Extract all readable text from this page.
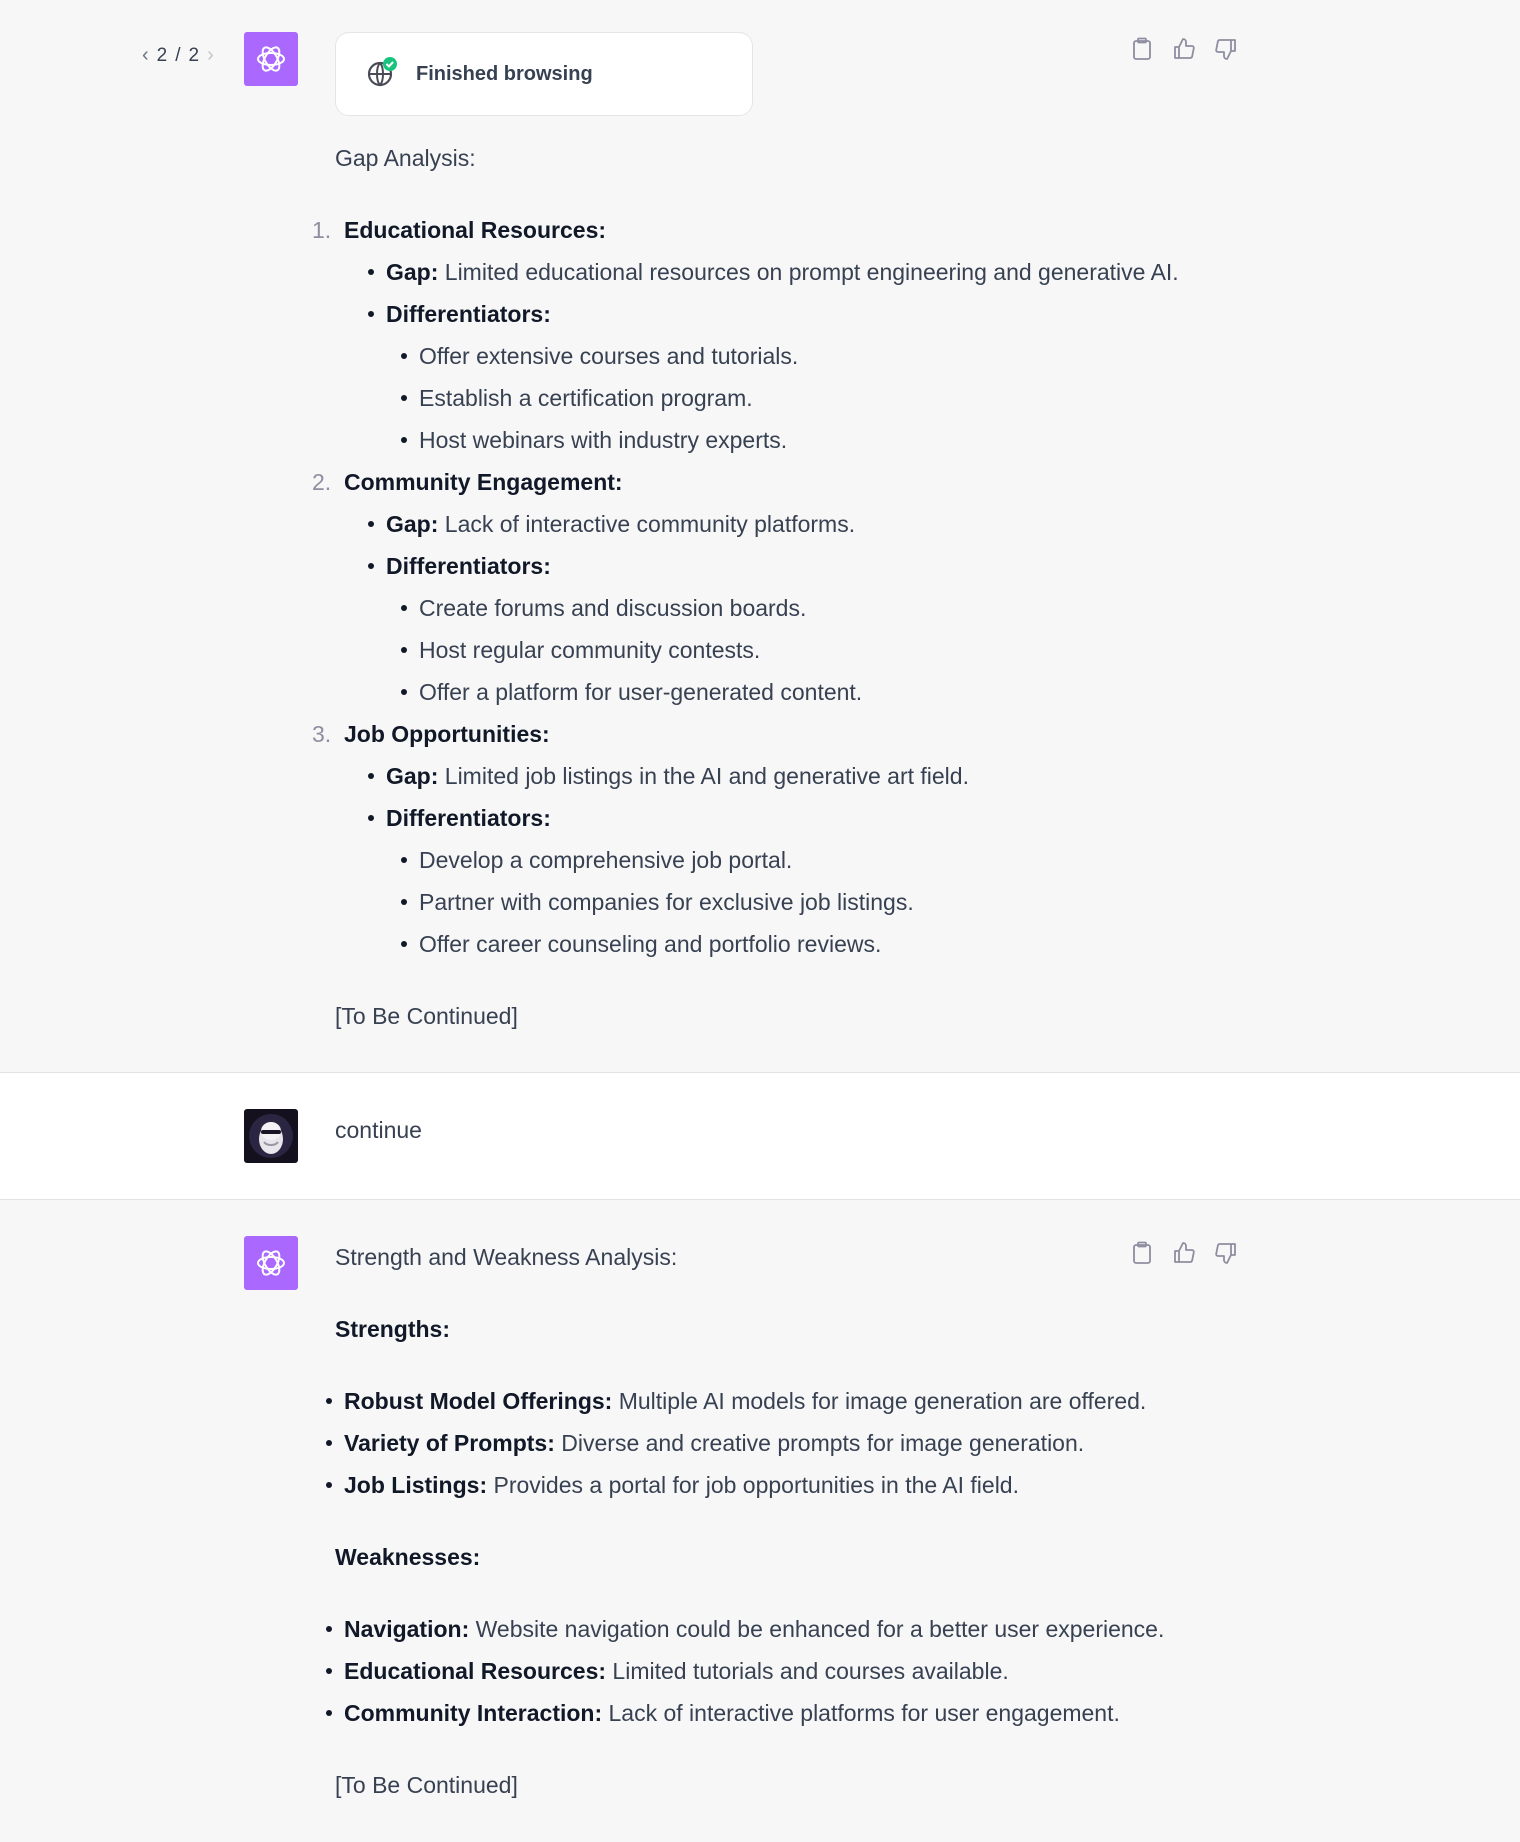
‹ 2 / 2 ›
Finished browsing

Gap Analysis:

1. Educational Resources:
Gap: Limited educational resources on prompt engineering and generative AI.
Differentiators:
Offer extensive courses and tutorials.
Establish a certification program.
Host webinars with industry experts.
2. Community Engagement:
Gap: Lack of interactive community platforms.
Differentiators:
Create forums and discussion boards.
Host regular community contests.
Offer a platform for user-generated content.
3. Job Opportunities:
Gap: Limited job listings in the AI and generative art field.
Differentiators:
Develop a comprehensive job portal.
Partner with companies for exclusive job listings.
Offer career counseling and portfolio reviews.

[To Be Continued]

continue

Strength and Weakness Analysis:

Strengths:

Robust Model Offerings: Multiple AI models for image generation are offered.
Variety of Prompts: Diverse and creative prompts for image generation.
Job Listings: Provides a portal for job opportunities in the AI field.

Weaknesses:

Navigation: Website navigation could be enhanced for a better user experience.
Educational Resources: Limited tutorials and courses available.
Community Interaction: Lack of interactive platforms for user engagement.

[To Be Continued]
